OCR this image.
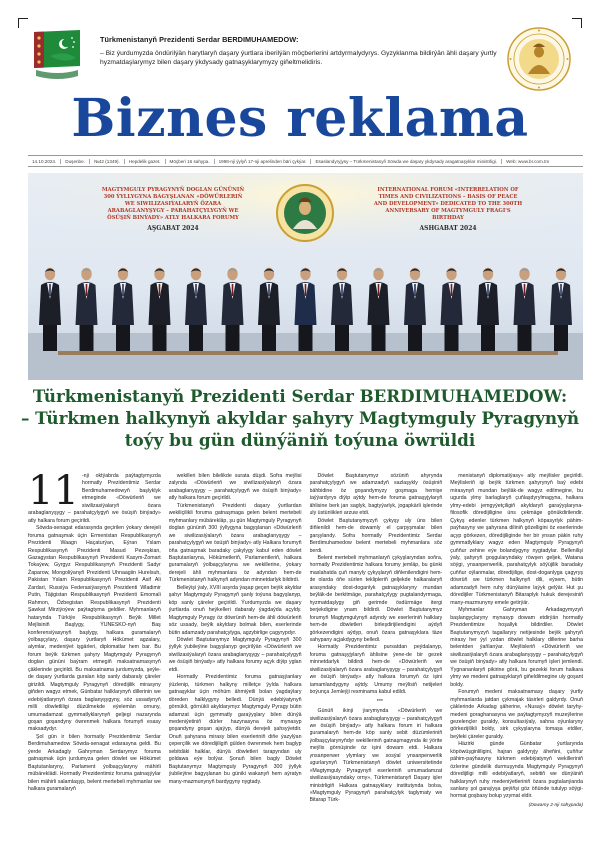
Türkmenistanyň Prezidenti Serdar BERDIMUHAMEDOW:
– Biz ýurdumyzda öndürilýän harytlaryň daşary ýurtlara iberilýän möçberlerini artdyrmalydyrys. Gyzyklanma bildirýän ähli daşary ýurtly hyzmatdaşlarymyz bilen daşary ýkdysady gatnaşyklarymyzy giňeltmelidiris.
Biznes reklama
14.10.2024.	Duşenbe.	№42 (1349).	Hepdelik gazet.	Möçberi 16 sahypa.	1998-nji ýylyň 17-nji aprelinden bäri çykýar.	Esaslandyryjysy – Türkmenistanyň Söwda we daşary ykdysady aragatnaşyklar ministrligi.	Web: www.br.com.tm
MAGTYMGULY PYRAGYNYŇ DOGLAN GÜNÜNIŇ 300 ÝYLLYGYNA BAGYŞLANAN «DÖWÜRLERIŇ WE SIWILIZASIÝALARYŇ ÖZARA ARABAGLANYŞYGY – PARAHATÇYLYGYŇ WE ÖSÜŞIŇ BINÝADY» ATLY HALKARA FORUMY
AŞGABAT 2024
INTERNATIONAL FORUM «INTERRELATION OF TIMES AND CIVILIZATIONS – BASIS OF PEACE AND DEVELOPMENT» DEDICATED TO THE 300TH ANNIVERSARY OF MAGTYMGULY FRAGI'S BIRTHDAY
ASHGABAT 2024
Türkmenistanyň Prezidenti Serdar BERDIMUHAMEDOW:
– Türkmen halkynyň akyldar şahyry Magtymguly Pyragynyň toýy bu gün dünýäniň toýuna öwrüldi
11 -nji oktýabrda paýtagtymyzda hormatly Prezidentimiz Serdar Berdimuhamedowyň başlyklyk etmeginde «Döwürleriň we siwilizasiýalaryň özara arabaglanyşygy – parahatçylygyň we ösüşiň binýady» atly halkara forum geçirildi.

Söwda-senagat edarasynda geçirilen ýokary derejeli foruma gatnaşmak üçin Ermenistan Respublikasynyň Prezidenti Waagn Haçaturýan, Eýran Yslam Respublikasynyň Prezidenti Masud Pezeşkian, Gazagystan Respublikasynyň Prezidenti Kasym-Žomart Tokaýew, Gyrgyz Respublikasynyň Prezidenti Sadyr Žaparow, Mongoliýanyň Prezidenti Uhnaagiin Hurelsuh, Pakistan Yslam Respublikasynyň Prezidenti Asif Ali Zardari, Russiýa Federasiýasynyň Prezidenti Wladimir Putin, Täjigistan Respublikasynyň Prezidenti Emomali Rahmon, Özbegistan Respublikasynyň Prezidenti Şawkat Mirziýoýew paýtagtyma geldiler. Myhmanlaryň hatarynda Türkiýe Respublikasynyň Beýik Millet Mejlisiniň Başlygy, ÝUNESKO-nyň Baş konferensiýasynyň başlygy, halkara guramalaryň ýolbaşçylary, daşary ýurtlaryň Hökümet agzalary, alymlar, medeniýet işgärleri, diplomatlar hem bar. Bu forum beýik türkmen şahyry Magtymguly Pyragynyň doglan gününi baýram etmegiň maksatnamasynyň çäklerinde geçirildi. Bu maksatnama jurdumyzda, şeýle-de daşary ýurtlarda guralan köp sanly dabaraly çäreler girizildi. Magtymguly Pyragynyň döredijilik mirasyny giňden wagyz etmek, Günbatar halklarynyň dillerinin we edebiýatlarynyň özara baglanyşygyny, söz ussadynyň milli döwletliligi düzülmekde eýelemän ornuny, umumadamzat gymmatlyklarynyň geljegi nazarynda goşan goşandyny öwrenmek halkara forumyň esasy maksadydyr.

Şol gün ir bilen hormatly Prezidentimiz Serdar Berdimuhamedow Söwda-senagat edarasyna geldi. Bu ýerde Arkadagly Gahryman Serdarymyz foruma gatnaşmak üçin jurdumyza gelen döwlet we Hökümet Baştutanlaryny, Parlament ýolbaşçylaryny mähirli mübäreklädi. Hormatly Prezidentimiz foruma gatnaşýylar bilen mähirli salamlaşyp, belent mertebeli myhmanlar we halkara guramalaryň

wekilleri bilen bilelikde surata düşdi. Sofra meýlisi zalynda «Döwürleriň we siwilizasiýalaryň özara arabaglanyşygy – parahatçylygyň we ösüşiň binýady» atly halkara forum geçirildi.

Türkmenistanyň Prezidenti daşary ýurtlardan wekiliçilikli foruma gatnaşmaga gelen belent mertebeli myhmanlary mübärekläp, şu gün Magtymguly Pyragynyň doglan gününiň 300 ýyllygyna bagyşlanan «Döwürleriň we siwilizasiýalaryň özara arabaglanyşygy – parahatçylygyň we ösüşiň binýady» atly Halkara forumyň öňa gatnaşmak baradaky çakylygy kabul eden döwlet Baştutanlaryna, Hökümetleriň, Parlamentleriň, halkara guramalaryň ýolbaşçylaryna we wekillerine, ýokary derejeli ähli myhmanlara öz adyndan hem-de Türkmenistanyň halkynyň adyndan minnetdarlyk bildirdi.

Belleýişi ýaly, XVIII asyrda ýaşap geçen beýik akyldar şahyr Magtymguly Pyragynyň şanly toýuna bagyşlanyp, köp sanly çäreler geçirildi. Ýurdumyzda we daşary ýurtlarda onuň heýkelleri dabaraly ýagdaýda açyldy. Magtymguly Pyragy öz döwrüniň hem-de ähli döwürleriň söz ussady, beýik akyldary bolmak bilen, eserlerinde bütin adamzady parahatçylyga, agzybirlige çagyrypdyr.

Döwlet Baştutanymyz Magtymguly Pyragynyň 300 ýyllyk ýubileýine bagyşlanyp geçirilýän «Döwürleriň we siwilizasiýalaryň özara arabaglanyşygy – parahatçylygyň we ösüşiň binýady» atly halkara forumy açyk diýip yglan etdi.

Hormatly Prezidentimiz foruma gatnaşýanlary ýüzlenip, türkmen halkyny milletçe ýylda halkara gatnaşyklar üçin möhüm ähmiýetli bolan ýagdaýlary döreden halklygyny belledi. Dünýä edebiýatynyň görnükli, görnükli akyldarymyz Magtymguly Pyragy bütin adamzat üçin gymmatly garaýyşlary bilen dünýä medeniýetiniň dürler hazynasyna öz mynasyp goşandyny goşan ajaýyp, dünýä derejeli şahsyýetdir. Onuň şahyrana mirasy bilen eserleriniň diňe ýazylýan çeperçilik we döredijiligiň gülden öwrenmek hem baglyp sebitdäki halklar, dünýä döwletleri tarapyndan uly goldawa eýe bolýar. Şonuň bilen bagly Döwlet Baştutanymyz Magtymguly Pyragynyň 300 ýyllyk ýubileýine bagyşlanan bu güniki wakanyň hem aýratyn many-mazmunynyň bardygyny nygtady.

Döwlet Baştutanymyz sözüniň ahyrynda parahatçylygyň we adamzadyň sazlaşykly ösüşiniň bähbidine öz goşandymyzy goşmaga hemişe taýýardyrys diýip aýtdy hem-de foruma gatnaşyjylaryň ählisine berk jan saglyk, bagtyýarlyk, jogapkärli işlerinde uly üstünlikleri arzuw etdi.

Döwlet Baştutanymyzyň çykyşy uly üns bilen diňlenildi hem-de dowamly el çarpyşmalar bilen garşylandy. Sofra hormatly Prezidentimiz Serdar Berdimuhamedow belent mertebeli myhmanlara söz berdi.

Belent mertebeli myhmanlaryň çykyşlaryndan soňra, hormatly Prezidentimiz halkara forumy jemläp, bu günki maslahatda çuň manyly çykyşlaryň diňlenilendigini hem-de olarda öňe sürlen teklipleriň geljekde halkaralaryň arasyndaky dost-doganlyk gatnaşyklaryny mundan beýläk-de berkitmäge, parahatçylygy pugtalandyrmaga, hyzmatdaşlygy giň gerimde ösdürmäge itergi berjekdigine ynam bildirdi. Döwlet Baştutanymyz forumyň Magtymgulynyň adyndy we eserleriniň halklary hem-de döwletleri birleşdirijilendigini aýdyň görkezendigini aýdyp, onuň özara gatnaşyklara täze sahypany açjakdygyny belledi.

Hormatly Prezidentimiz pursatdan peýdalanyp, foruma gatnaşyjylaryň ählisine ýene-de bir gezek minnetdarlyk bildirdi hem-de «Döwürleriň we siwilizasiýalaryň özara arabaglanyşygy – parahatçylygyň we ösüşiň binýady» atly halkara forumyň öz işini tamamlandygyny aýtdy. Umumy meýlisiň netijeleri boýunça Jemleýji resminama kabul edildi.

***

Günüň ikinji ýarymynda «Döwürleriň we siwilizasiýalaryň özara arabaglanyşygy – parahatçylygyň we ösüşiň binýady» atly halkara forum iri halkara guramalaryň hem-de köp sanly sebit düzümleriniň ýolbaşçylarynyňdyr wekilleriniň gatnaşmagynda iki ýörite meýlis görnüşinde öz işini dowam etdi. Halkara ynsanperwer ylymlary we sosýal ynsanperwerlik ugurlarynyň Türkmenistanyň döwlet uniwersitetinde «Magtymguly Pyragynyň eserleriniň umumadamzat siwilizasiýasyndaky orny», Türkmenistanyň Daşary işler ministrligiň Halkara gatnaşyklary institutynda bolsa, «Magtymguly Pyragynyň parahatçylyk taglymaty we Bitarap Türk-

menistanyň diplomatiýasy» atly meýlisler geçirildi. Meýlisleriň işi beýik türkmen şahyrynyň baý edebi mirasynyň mundan beýläk-de wagyz edilmegine, bu ugurda ylmy barlaglaryň çuňlaşdyrylmagyna, halkara ylmy-edebi jemgyýetçiligiň akyldaryň garaýyşlaryna-filosofik döredijiligine üns çekmäge gönükdirilendir. Çykyş edenler türkmen halkynyň köpasyrlyk pähim-paýhasyny we şahyrana diliniň gözelligini öz eserlerinde açyp görkezen, döredijiliginde her bir ynsan päkin ruhy gymmatlyklary wagyz eden Magtymguly Pyragynyň çuňňur zehine eýe bolandygyny nygtadylar. Bellenilişi ýaly, şahyryň goşgularyndaky röwşen geljek, Watana söýgi, ynsanperwerlik, parahatçylyk söýüjilik baradaky çuňňur oýlanmalar, döredijilige, dost-doganlyga çagyryş döwrüň we türkmen halkynyň dili, eýsem, bütin adamzadyň hem ruhy dünýäsine laýyk gelýär. Hut şu döredijiler Türkmenistanyň Bitaraplyk hukuk derejesiniň many-mazmunyny emele getirýär.

Myhmanlar Gahryman Arkadagymyzyň başlangyçlaryny mynasyp dowam etdirýän hormatly Prezidentimize hoşallyk bildirdiler. Döwlet Baştutanymyzyň tagallaryry netijesinde beýik şahyryň mirasy her ýyl yzdan döwlet halklary dillerine barha belentden ýaňlanýar. Meýlisleriň «Döwürleriň we siwilizasiýalaryň özara arabaglanyşygy – parahatçylygyň we ösüşiň binýady» atly halkara forumyň işleri jemlendi. Ýygnananlaryň pikirine görä, bu gezekki forum halkara ylmy we medeni gatnaşyklaryň giňeldilmegine uly goşant boldy.

Forumyň medeni maksatnamasy daşary ýurtly myhmanlarda jatdan çykmajak täsirleri galdyrdy. Onuň çäklerinde Arkadag şäherine, «Nusaý» döwlet taryhy-medeni goraghanasyna we paýtagtymyzyň muzeýlerine gezelençler guraldy, konsultasiýaly, sahna oýunlaryny görkezijilikli boldy, sirk çykyşlaryna tomaşa etdiler, beýleki çäreler guraldy.

Häzirki günde Günbatar ýurtlarynda köpöwüşginliligini, hajran galdyryjy äheňini, çuňňur pähim-paýhasyny türkmen edebiýatynyň wekilleriniň özlerine gündelik durmuşynda Magtymguly Pyragynyň döredijiligi milli edebiýatlaryň, sebitiň we dünýäniň halklarynyň ruhy medeniýetleriniň özara pugtalanýanda sanlany şol garaýyşa geýiňşi göz öňünde tutulyp söýgi-hormat goşbasy bolup yzymat eldir.

(Dowamy 2-nji sahypada)
